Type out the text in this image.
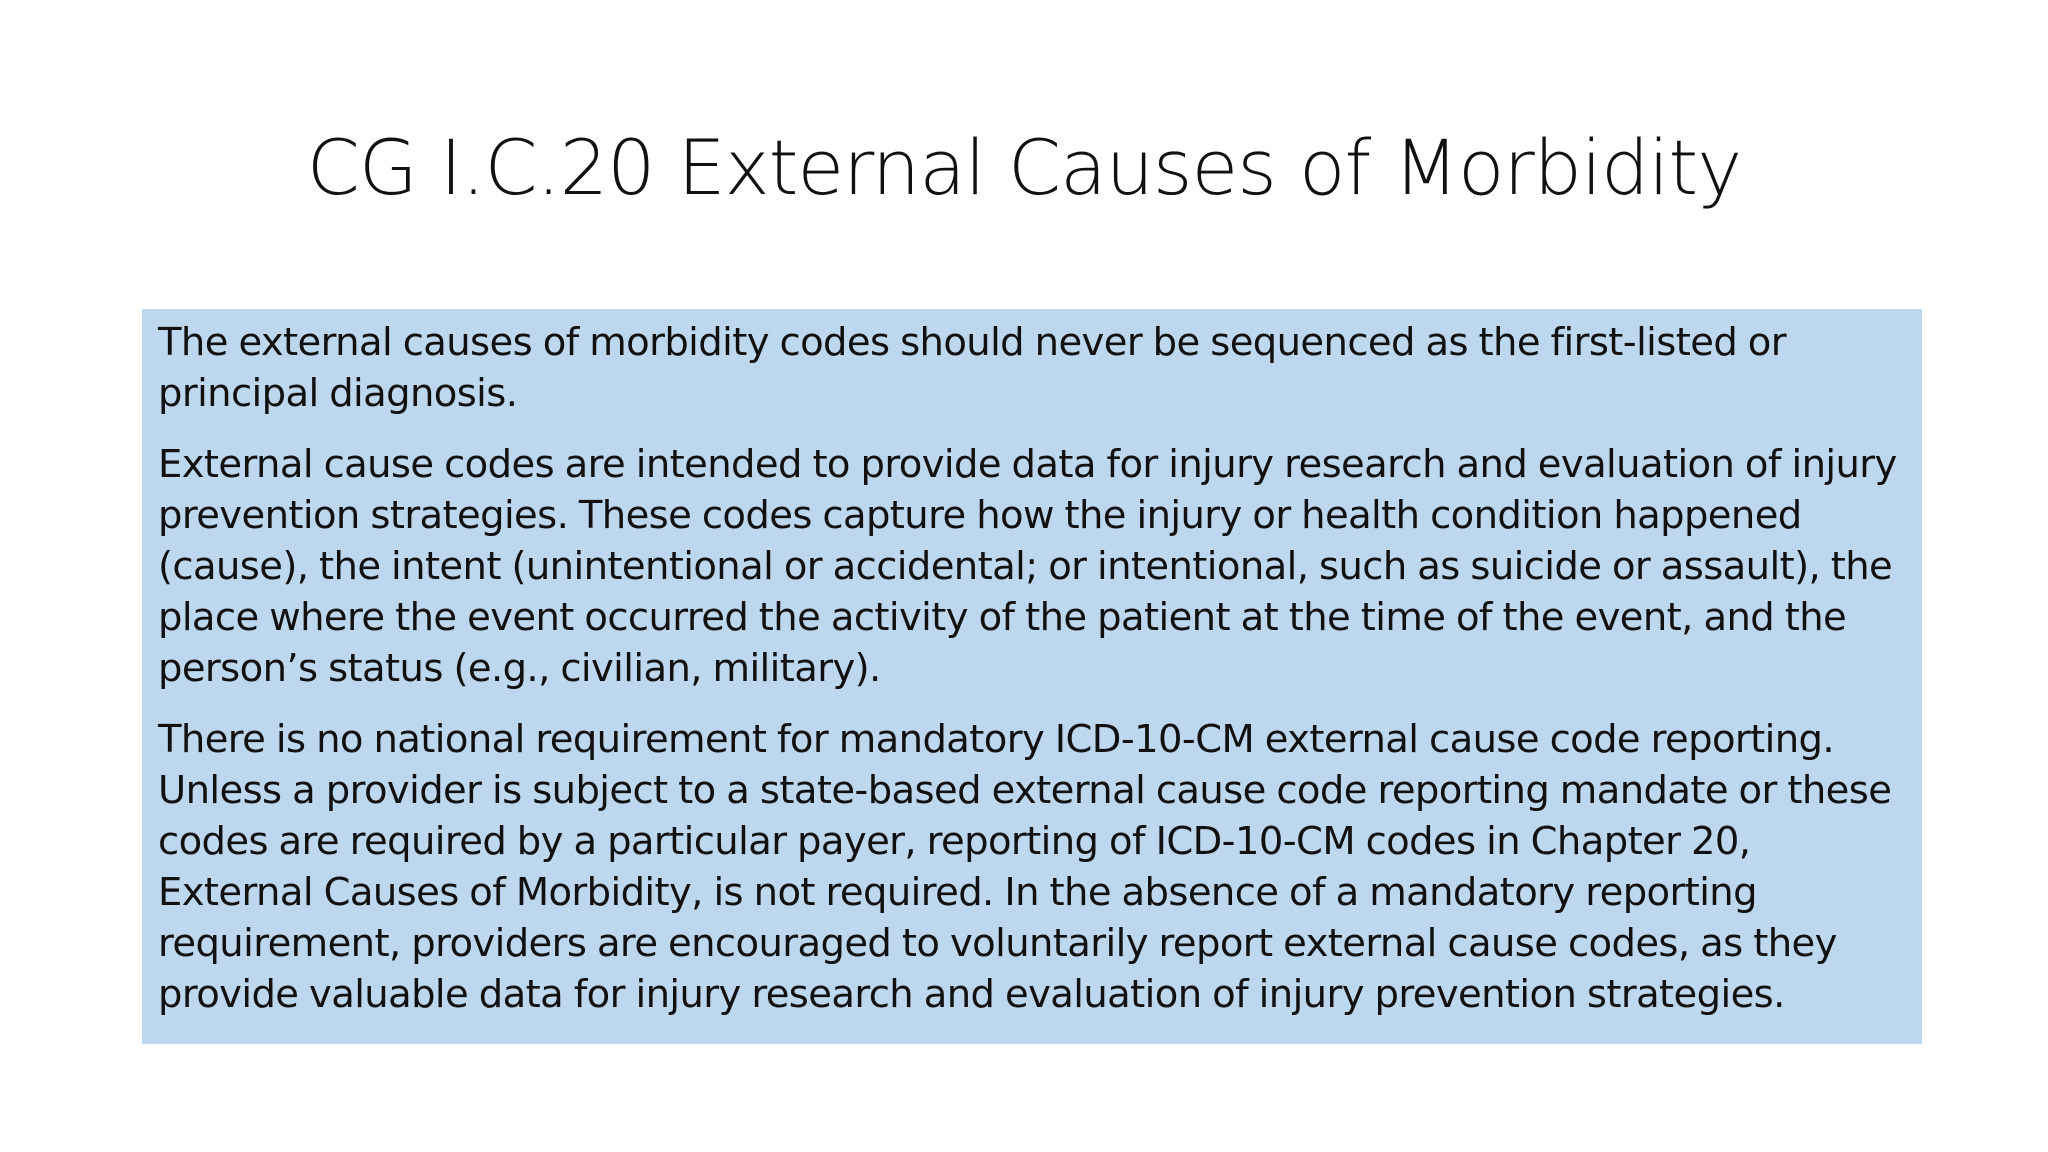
CG I.C.20 External Causes of Morbidity

The external causes of morbidity codes should never be sequenced as the first-listed or principal diagnosis.

External cause codes are intended to provide data for injury research and evaluation of injury prevention strategies. These codes capture how the injury or health condition happened (cause), the intent (unintentional or accidental; or intentional, such as suicide or assault), the place where the event occurred the activity of the patient at the time of the event, and the person’s status (e.g., civilian, military).

There is no national requirement for mandatory ICD-10-CM external cause code reporting. Unless a provider is subject to a state-based external cause code reporting mandate or these codes are required by a particular payer, reporting of ICD-10-CM codes in Chapter 20, External Causes of Morbidity, is not required. In the absence of a mandatory reporting requirement, providers are encouraged to voluntarily report external cause codes, as they provide valuable data for injury research and evaluation of injury prevention strategies.
